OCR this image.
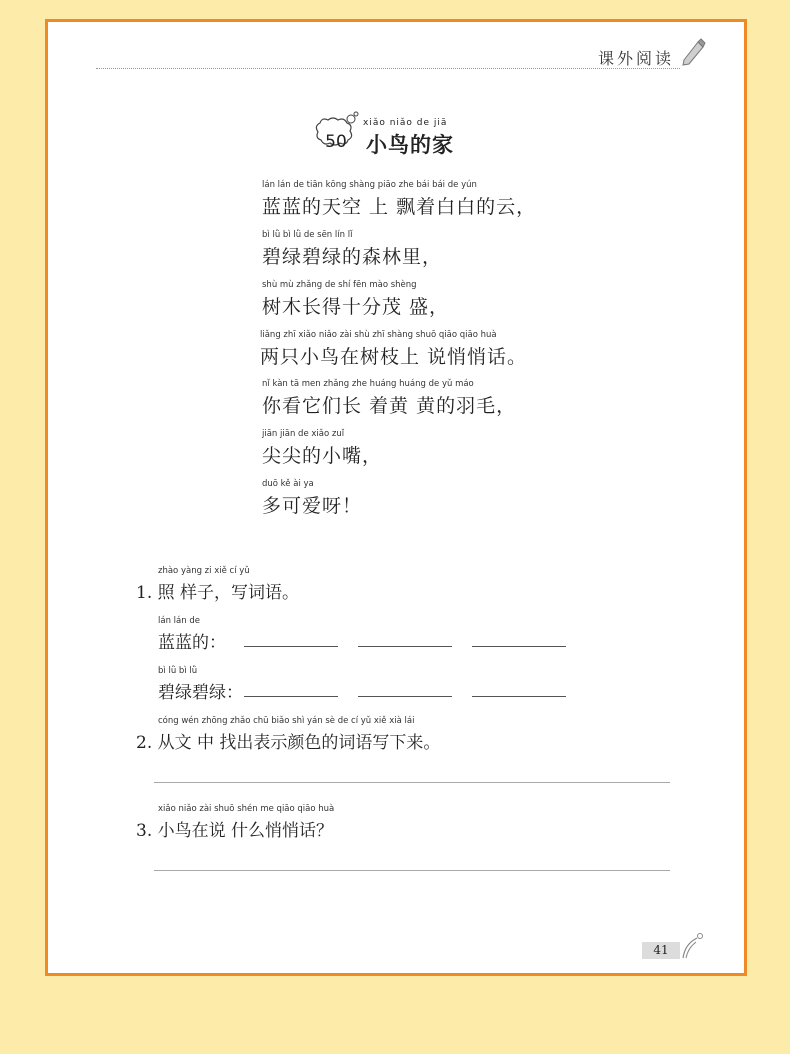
课外阅读
50
xiǎo niǎo de jiā
小鸟的家
lán lán de tiān kōng shàng piāo zhe bái bái de yún
蓝蓝的天空 上 飘着白白的云，
bì lǜ bì lǜ de sēn lín lǐ
碧绿碧绿的森林里，
shù mù zhǎng de shí fēn mào shèng
树木长得十分茂 盛，
liǎng zhī xiǎo niǎo zài shù zhī shàng shuō qiāo qiāo huà
两只小鸟在树枝上 说悄悄话。
nǐ kàn tā men zhǎng zhe huáng huáng de yǔ máo
你看它们长 着黄 黄的羽毛，
jiān jiān de xiǎo zuǐ
尖尖的小嘴，
duō kě ài ya
多可爱呀！
zhào yàng zi xiě cí yǔ
1. 照 样子，写词语。
lán lán de
蓝蓝的：
bì lǜ bì lǜ
碧绿碧绿：
cóng wén zhōng zhǎo chū biǎo shì yán sè de cí yǔ xiě xià lái
2. 从文 中 找出表示颜色的词语写下来。
xiǎo niǎo zài shuō shén me qiāo qiāo huà
3. 小鸟在说 什么悄悄话？
41
